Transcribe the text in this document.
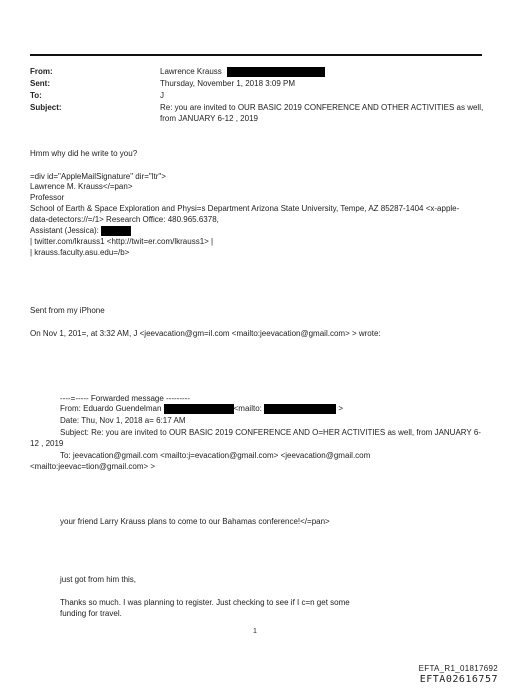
From:	Lawrence Krauss
Sent:	Thursday, November 1, 2018 3:09 PM
To:	J
Subject:	Re: you are invited to OUR BASIC 2019 CONFERENCE AND OTHER ACTIVITIES as well,
from JANUARY 6-12 , 2019
Hmm why did he write to you?
=div id="AppleMailSignature" dir="ltr">
Lawrence M. Krauss</=pan>
Professor
School of Earth & Space Exploration and Physi=s Department Arizona State University, Tempe, AZ 85287-1404 <x-apple-
data-detectors://=/1> Research Office: 480.965.6378,
Assistant (Jessica):
| twitter.com/lkrauss1 <http://twit=er.com/lkrauss1> |
| krauss.faculty.asu.edu=/b>
Sent from my iPhone
On Nov 1, 201=, at 3:32 AM, J <jeevacation@gm=il.com <mailto:jeevacation@gmail.com> > wrote:
----=----- Forwarded message ---------
From: Eduardo Guendelman	<mailto:	>
Date: Thu, Nov 1, 2018 a= 6:17 AM
Subject: Re: you are invited to OUR BASIC 2019 CONFERENCE AND O=HER ACTIVITIES as well, from JANUARY 6-
12 , 2019
To: jeevacation@gmail.com <mailto:j=evacation@gmail.com> <jeevacation@gmail.com
<mailto:jeevac=tion@gmail.com> >
your friend Larry Krauss plans to come to our Bahamas conference!</=pan>
just got from him this,
Thanks so much. I was planning to register. Just checking to see if I c=n get some
funding for travel.
1
EFTA_R1_01817692
EFTA02616757
